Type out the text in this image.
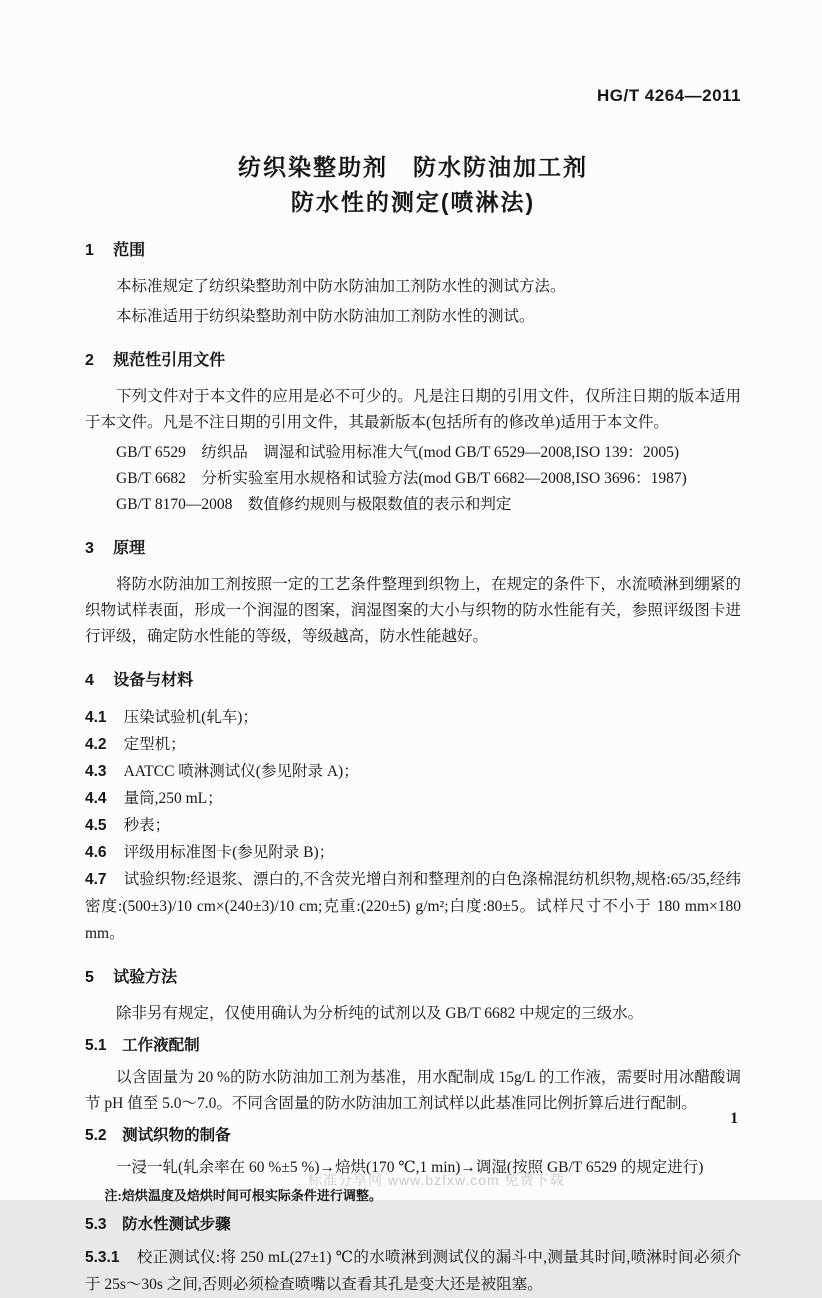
HG/T 4264—2011
纺织染整助剂　防水防油加工剂
防水性的测定(喷淋法)
1 范围

本标准规定了纺织染整助剂中防水防油加工剂防水性的测试方法。

本标准适用于纺织染整助剂中防水防油加工剂防水性的测试。

2 规范性引用文件

下列文件对于本文件的应用是必不可少的。凡是注日期的引用文件，仅所注日期的版本适用于本文件。凡是不注日期的引用文件，其最新版本(包括所有的修改单)适用于本文件。

GB/T 6529　纺织品　调湿和试验用标准大气(mod GB/T 6529—2008,ISO 139：2005)

GB/T 6682　分析实验室用水规格和试验方法(mod GB/T 6682—2008,ISO 3696：1987)

GB/T 8170—2008　数值修约规则与极限数值的表示和判定

3 原理

将防水防油加工剂按照一定的工艺条件整理到织物上，在规定的条件下，水流喷淋到绷紧的织物试样表面，形成一个润湿的图案，润湿图案的大小与织物的防水性能有关，参照评级图卡进行评级，确定防水性能的等级，等级越高，防水性能越好。

4 设备与材料
4.1 压染试验机(轧车)；
4.2 定型机；
4.3 AATCC 喷淋测试仪(参见附录 A)；
4.4 量筒,250 mL；
4.5 秒表；
4.6 评级用标准图卡(参见附录 B)；
4.7 试验织物:经退浆、漂白的,不含荧光增白剂和整理剂的白色涤棉混纺机织物,规格:65/35,经纬密度:(500±3)/10 cm×(240±3)/10 cm;克重:(220±5) g/m²;白度:80±5。试样尺寸不小于 180 mm×180 mm。
5 试验方法

除非另有规定，仅使用确认为分析纯的试剂以及 GB/T 6682 中规定的三级水。

5.1 工作液配制

以含固量为 20 %的防水防油加工剂为基准，用水配制成 15g/L 的工作液，需要时用冰醋酸调节 pH 值至 5.0～7.0。不同含固量的防水防油加工剂试样以此基准同比例折算后进行配制。

5.2 测试织物的制备

一浸一轧(轧余率在 60 %±5 %)→焙烘(170 ℃,1 min)→调湿(按照 GB/T 6529 的规定进行)

注:焙烘温度及焙烘时间可根实际条件进行调整。

5.3 防水性测试步骤
5.3.1 校正测试仪:将 250 mL(27±1) ℃的水喷淋到测试仪的漏斗中,测量其时间,喷淋时间必须介于 25s～30s 之间,否则必须检查喷嘴以查看其孔是变大还是被阻塞。
1
标准分享网 www.bzfxw.com 免费下载
